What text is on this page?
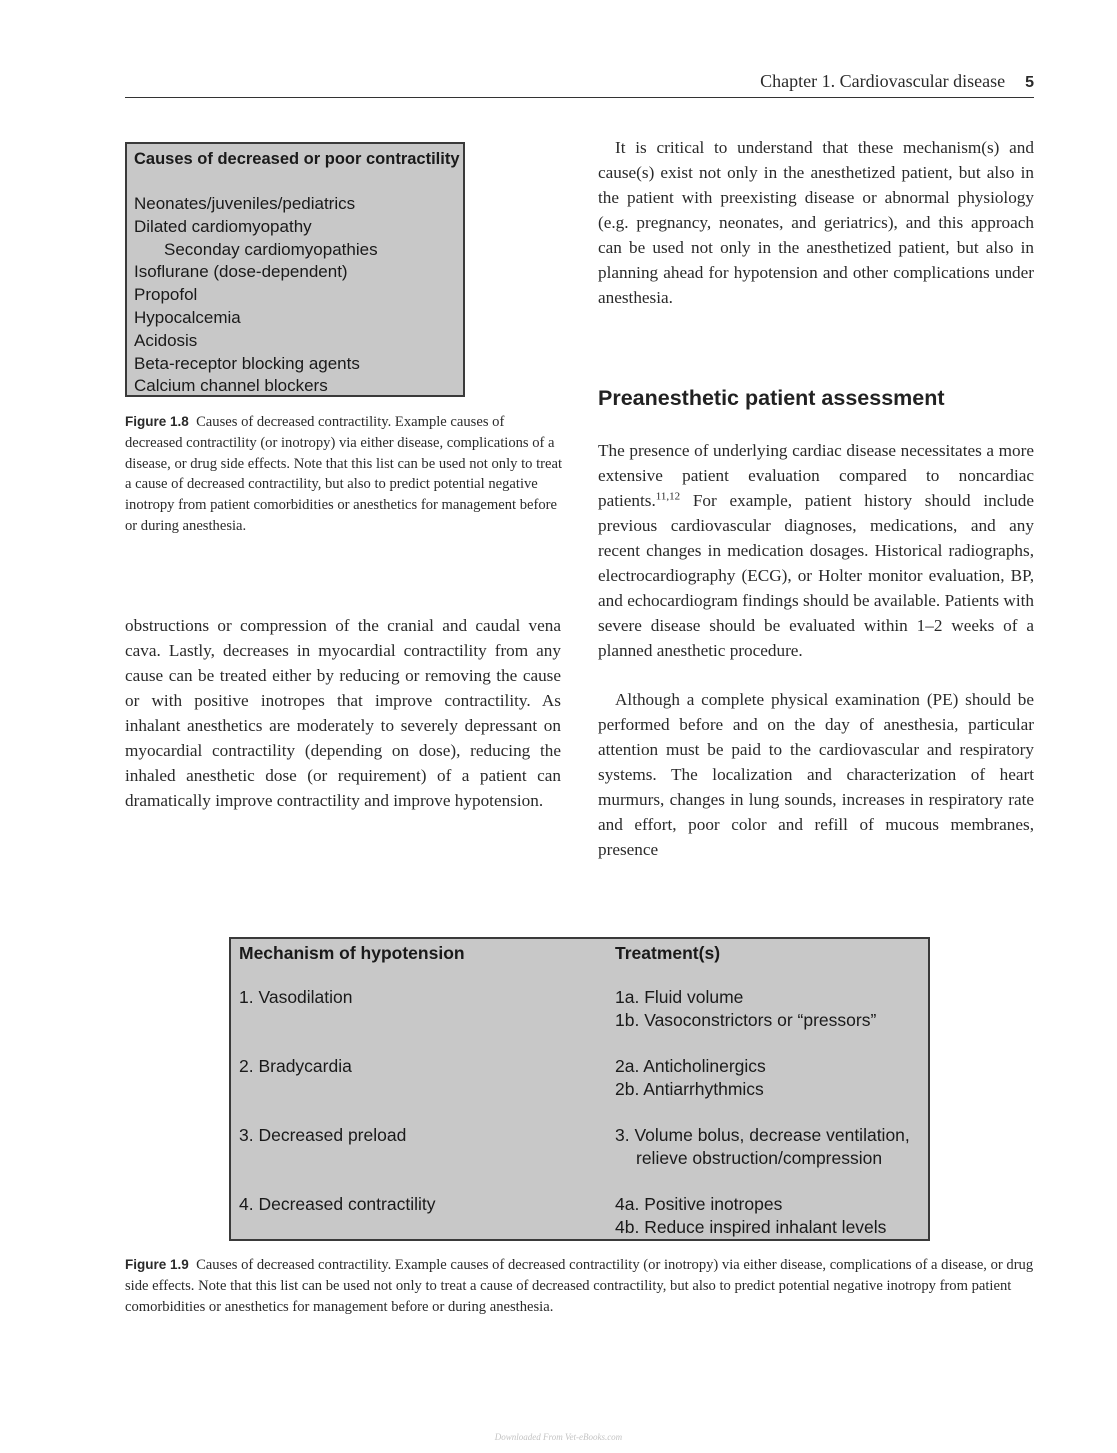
Chapter 1. Cardiovascular disease 5
Causes of decreased or poor contractility
Neonates/juveniles/pediatrics
Dilated cardiomyopathy
Seconday cardiomyopathies
Isoflurane (dose-dependent)
Propofol
Hypocalcemia
Acidosis
Beta-receptor blocking agents
Calcium channel blockers
Figure 1.8 Causes of decreased contractility. Example causes of decreased contractility (or inotropy) via either disease, complications of a disease, or drug side effects. Note that this list can be used not only to treat a cause of decreased contractility, but also to predict potential negative inotropy from patient comorbidities or anesthetics for management before or during anesthesia.
obstructions or compression of the cranial and caudal vena cava. Lastly, decreases in myocardial contractility from any cause can be treated either by reducing or removing the cause or with positive inotropes that improve contractility. As inhalant anesthetics are moderately to severely depressant on myocardial contractility (depending on dose), reducing the inhaled anesthetic dose (or requirement) of a patient can dramatically improve contractility and improve hypotension.
It is critical to understand that these mechanism(s) and cause(s) exist not only in the anesthetized patient, but also in the patient with preexisting disease or abnormal physiology (e.g. pregnancy, neonates, and geriatrics), and this approach can be used not only in the anesthetized patient, but also in planning ahead for hypotension and other complications under anesthesia.
Preanesthetic patient assessment
The presence of underlying cardiac disease necessitates a more extensive patient evaluation compared to noncardiac patients.$^{11,12}$ For example, patient history should include previous cardiovascular diagnoses, medications, and any recent changes in medication dosages. Historical radiographs, electrocardiography (ECG), or Holter monitor evaluation, BP, and echocardiogram findings should be available. Patients with severe disease should be evaluated within 1–2 weeks of a planned anesthetic procedure.
Although a complete physical examination (PE) should be performed before and on the day of anesthesia, particular attention must be paid to the cardiovascular and respiratory systems. The localization and characterization of heart murmurs, changes in lung sounds, increases in respiratory rate and effort, poor color and refill of mucous membranes, presence
Mechanism of hypotension	Treatment(s)
1. Vasodilation	1a. Fluid volume
1b. Vasoconstrictors or “pressors”
2. Bradycardia	2a. Anticholinergics
2b. Antiarrhythmics
3. Decreased preload	3. Volume bolus, decrease ventilation,
relieve obstruction/compression
4. Decreased contractility	4a. Positive inotropes
4b. Reduce inspired inhalant levels
Figure 1.9 Causes of decreased contractility. Example causes of decreased contractility (or inotropy) via either disease, complications of a disease, or drug side effects. Note that this list can be used not only to treat a cause of decreased contractility, but also to predict potential negative inotropy from patient comorbidities or anesthetics for management before or during anesthesia.
Downloaded From Vet-eBooks.com
